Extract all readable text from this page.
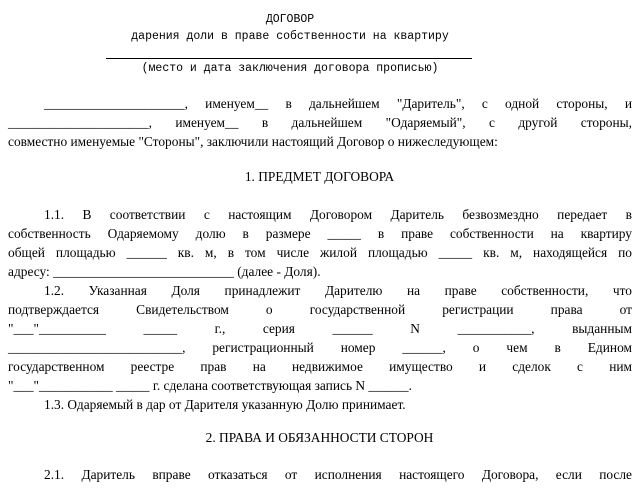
ДОГОВОР
дарения доли в праве собственности на квартиру
(место и дата заключения договора прописью)
_____________________, именуем__ в дальнейшем "Даритель", с одной стороны, и
_____________________, именуем__ в дальнейшем "Одаряемый", с другой стороны,
совместно именуемые "Стороны", заключили настоящий Договор о нижеследующем:
1. ПРЕДМЕТ ДОГОВОРА
1.1. В соответствии с настоящим Договором Даритель безвозмездно передает в
собственность Одаряемому долю в размере _____ в праве собственности на квартиру
общей площадью ______ кв. м, в том числе жилой площадью _____ кв. м, находящейся по
адресу: ___________________________ (далее - Доля).
1.2. Указанная Доля принадлежит Дарителю на праве собственности, что
подтверждается Свидетельством о государственной регистрации права от
"___"__________ _____ г., серия ______ N ___________, выданным
__________________________, регистрационный номер ______, о чем в Едином
государственном реестре прав на недвижимое имущество и сделок с ним
"___"___________ _____ г. сделана соответствующая запись N ______.
1.3. Одаряемый в дар от Дарителя указанную Долю принимает.
2. ПРАВА И ОБЯЗАННОСТИ СТОРОН
2.1. Даритель вправе отказаться от исполнения настоящего Договора, если после
